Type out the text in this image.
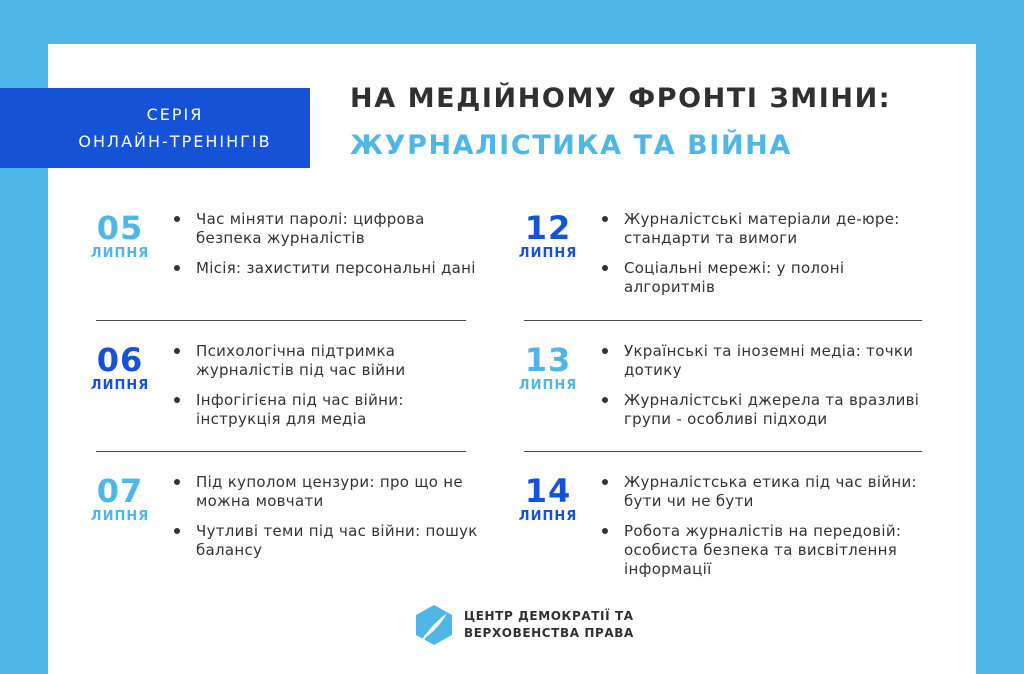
СЕРІЯ
ОНЛАЙН-ТРЕНІНГІВ
НА МЕДІЙНОМУ ФРОНТІ ЗМІНИ:
ЖУРНАЛІСТИКА ТА ВІЙНА
05
ЛИПНЯ
Час міняти паролі: цифрова безпека журналістів
Місія: захистити персональні дані
06
ЛИПНЯ
Психологічна підтримка журналістів під час війни
Інфогігієна під час війни: інструкція для медіа
07
ЛИПНЯ
Під куполом цензури: про що не можна мовчати
Чутливі теми під час війни: пошук балансу
12
ЛИПНЯ
Журналістські матеріали де-юре: стандарти та вимоги
Соціальні мережі: у полоні алгоритмів
13
ЛИПНЯ
Українські та іноземні медіа: точки дотику
Журналістські джерела та вразливі групи - особливі підходи
14
ЛИПНЯ
Журналістська етика під час війни: бути чи не бути
Робота журналістів на передовій: особиста безпека та висвітлення інформації
ЦЕНТР ДЕМОКРАТІЇ ТА
ВЕРХОВЕНСТВА ПРАВА
